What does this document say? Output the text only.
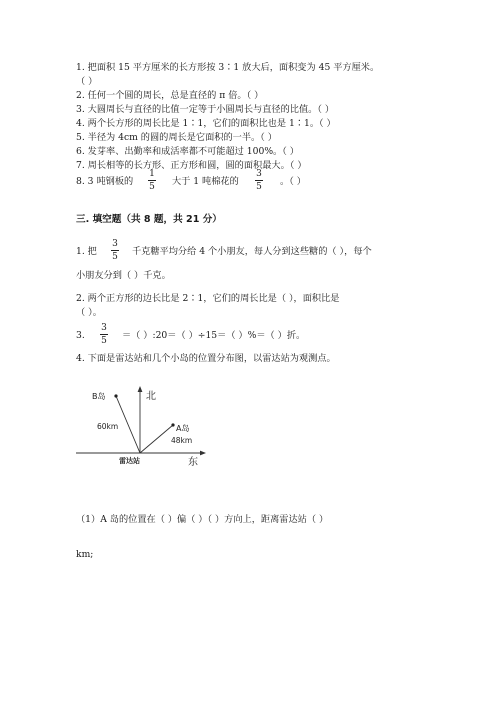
1. 把面积 15 平方厘米的长方形按 3∶1 放大后，面积变为 45 平方厘米。
（ ）
2. 任何一个圆的周长，总是直径的 π 倍。（ ）
3. 大圆周长与直径的比值一定等于小圆周长与直径的比值。（ ）
4. 两个长方形的周长比是 1∶1，它们的面积比也是 1∶1。（ ）
5. 半径为 4cm 的圆的周长是它面积的一半。（ ）
6. 发芽率、出勤率和成活率都不可能超过 100%。（ ）
7. 周长相等的长方形、正方形和圆，圆的面积最大。（ ）
8. 3 吨钢板的
1
5 大于 1 吨棉花的
3
5 。（ ）
三. 填空题（共 8 题，共 21 分）
1. 把
3
5 千克糖平均分给 4 个小朋友，每人分到这些糖的（ ），每个
小朋友分到（ ）千克。
2. 两个正方形的边长比是 2∶1，它们的周长比是（ ），面积比是
（ ）。
3.
3
5 ＝（ ）:20＝（ ）÷15＝（ ）%＝（ ）折。
4. 下面是雷达站和几个小岛的位置分布图，以雷达站为观测点。
北
东
B岛
A岛
60km
48km
雷达站
（1）A 岛的位置在（ ）偏（ ）（ ）方向上，距离雷达站（ ）
km;
